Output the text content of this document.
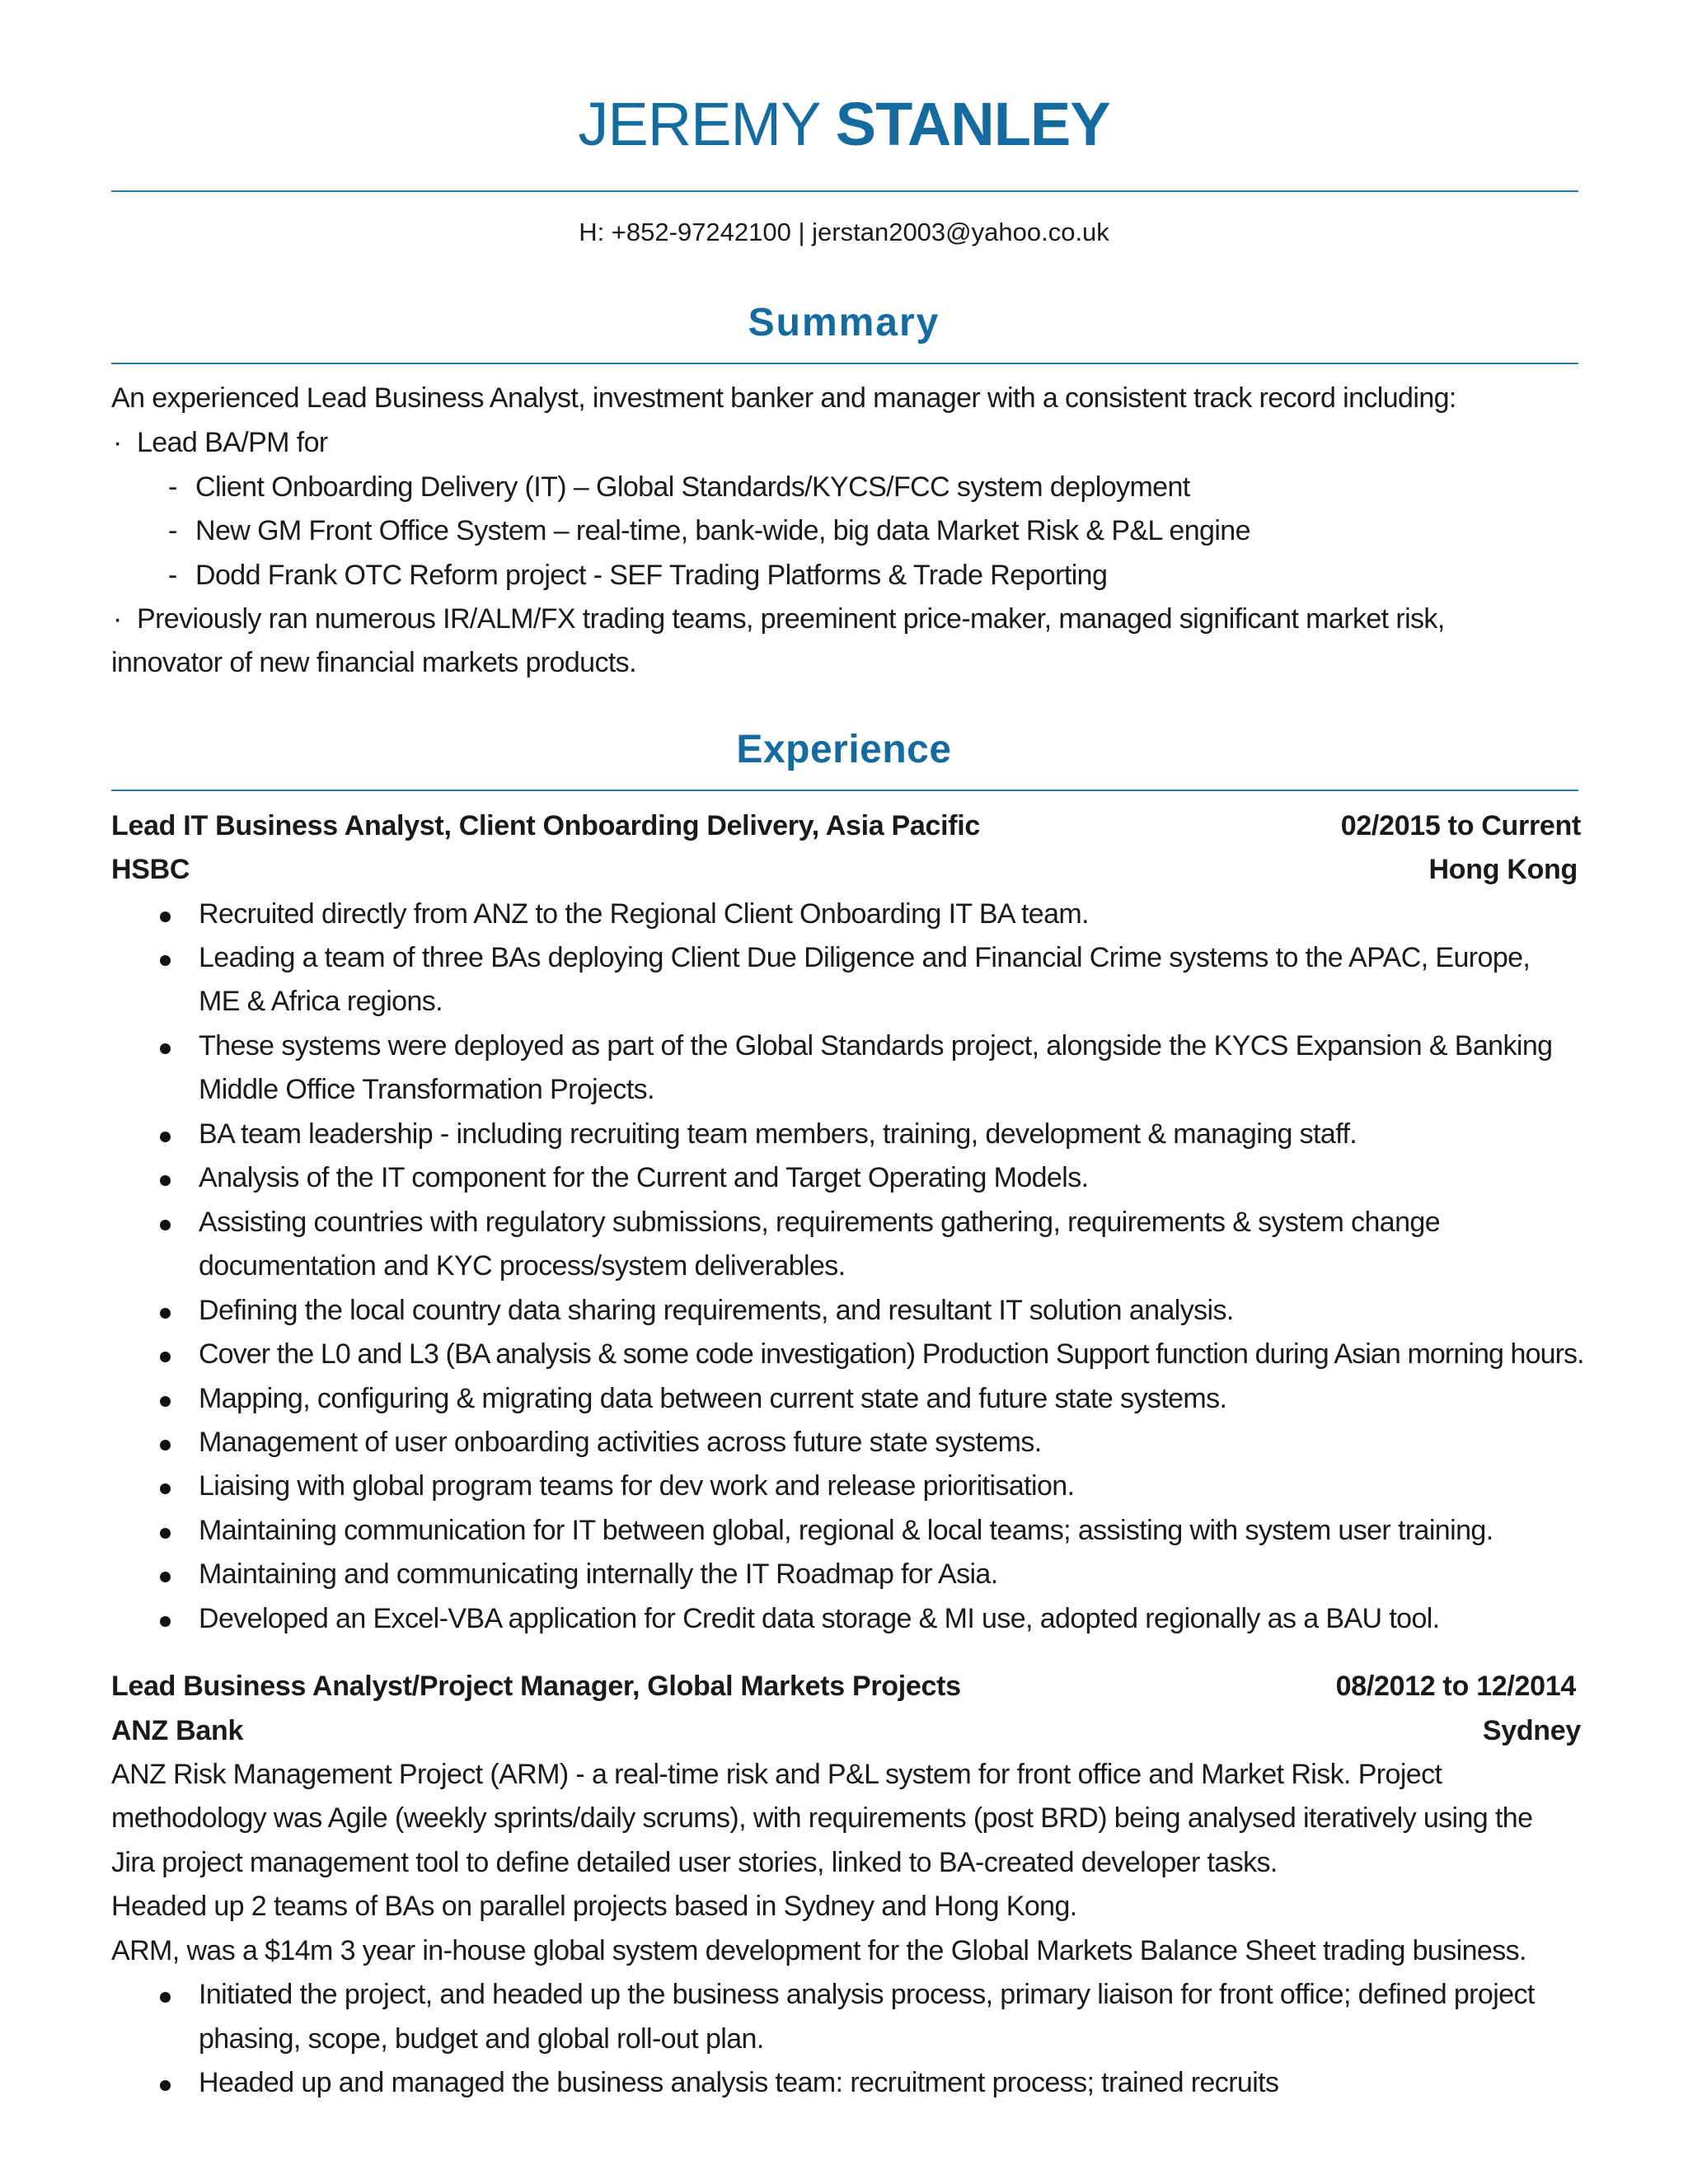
JEREMY STANLEY
H: +852-97242100 | jerstan2003@yahoo.co.uk
Summary
An experienced Lead Business Analyst, investment banker and manager with a consistent track record including:
· Lead BA/PM for
- Client Onboarding Delivery (IT) – Global Standards/KYCS/FCC system deployment
- New GM Front Office System – real-time, bank-wide, big data Market Risk & P&L engine
- Dodd Frank OTC Reform project - SEF Trading Platforms & Trade Reporting
· Previously ran numerous IR/ALM/FX trading teams, preeminent price-maker, managed significant market risk,
innovator of new financial markets products.
Experience
Lead IT Business Analyst, Client Onboarding Delivery, Asia Pacific	02/2015 to Current
HSBC	Hong Kong
Recruited directly from ANZ to the Regional Client Onboarding IT BA team.
Leading a team of three BAs deploying Client Due Diligence and Financial Crime systems to the APAC, Europe,
ME & Africa regions.
These systems were deployed as part of the Global Standards project, alongside the KYCS Expansion & Banking
Middle Office Transformation Projects.
BA team leadership - including recruiting team members, training, development & managing staff.
Analysis of the IT component for the Current and Target Operating Models.
Assisting countries with regulatory submissions, requirements gathering, requirements & system change
documentation and KYC process/system deliverables.
Defining the local country data sharing requirements, and resultant IT solution analysis.
Cover the L0 and L3 (BA analysis & some code investigation) Production Support function during Asian morning hours.
Mapping, configuring & migrating data between current state and future state systems.
Management of user onboarding activities across future state systems.
Liaising with global program teams for dev work and release prioritisation.
Maintaining communication for IT between global, regional & local teams; assisting with system user training.
Maintaining and communicating internally the IT Roadmap for Asia.
Developed an Excel-VBA application for Credit data storage & MI use, adopted regionally as a BAU tool.
Lead Business Analyst/Project Manager, Global Markets Projects	08/2012 to 12/2014
ANZ Bank	Sydney
ANZ Risk Management Project (ARM) - a real-time risk and P&L system for front office and Market Risk. Project
methodology was Agile (weekly sprints/daily scrums), with requirements (post BRD) being analysed iteratively using the
Jira project management tool to define detailed user stories, linked to BA-created developer tasks.
Headed up 2 teams of BAs on parallel projects based in Sydney and Hong Kong.
ARM, was a $14m 3 year in-house global system development for the Global Markets Balance Sheet trading business.
Initiated the project, and headed up the business analysis process, primary liaison for front office; defined project
phasing, scope, budget and global roll-out plan.
Headed up and managed the business analysis team: recruitment process; trained recruits
